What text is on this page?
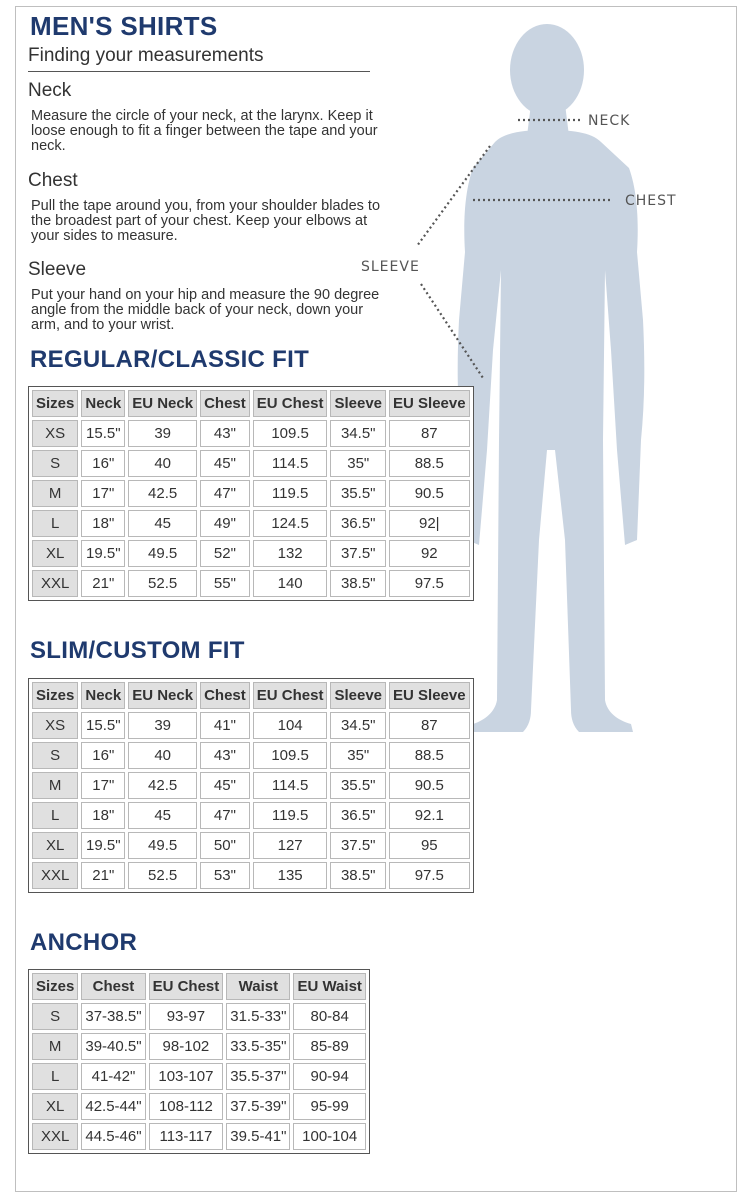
NECK
CHEST
SLEEVE
MEN'S SHIRTS
Finding your measurements
Neck
Measure the circle of your neck, at the larynx. Keep it loose enough to fit a finger between the tape and your neck.
Chest
Pull the tape around you, from your shoulder blades to the broadest part of your chest. Keep your elbows at your sides to measure.
Sleeve
Put your hand on your hip and measure the 90 degree angle from the middle back of your neck, down your arm, and to your wrist.
REGULAR/CLASSIC FIT
Sizes	Neck	EU Neck	Chest	EU Chest	Sleeve	EU Sleeve
XS	15.5"	39	43"	109.5	34.5"	87
S	16"	40	45"	114.5	35"	88.5
M	17"	42.5	47"	119.5	35.5"	90.5
L	18"	45	49"	124.5	36.5"	92|
XL	19.5"	49.5	52"	132	37.5"	92
XXL	21"	52.5	55"	140	38.5"	97.5
SLIM/CUSTOM FIT
Sizes	Neck	EU Neck	Chest	EU Chest	Sleeve	EU Sleeve
XS	15.5"	39	41"	104	34.5"	87
S	16"	40	43"	109.5	35"	88.5
M	17"	42.5	45"	114.5	35.5"	90.5
L	18"	45	47"	119.5	36.5"	92.1
XL	19.5"	49.5	50"	127	37.5"	95
XXL	21"	52.5	53"	135	38.5"	97.5
ANCHOR
Sizes	Chest	EU Chest	Waist	EU Waist
S	37-38.5"	93-97	31.5-33"	80-84
M	39-40.5"	98-102	33.5-35"	85-89
L	41-42"	103-107	35.5-37"	90-94
XL	42.5-44"	108-112	37.5-39"	95-99
XXL	44.5-46"	113-117	39.5-41"	100-104
